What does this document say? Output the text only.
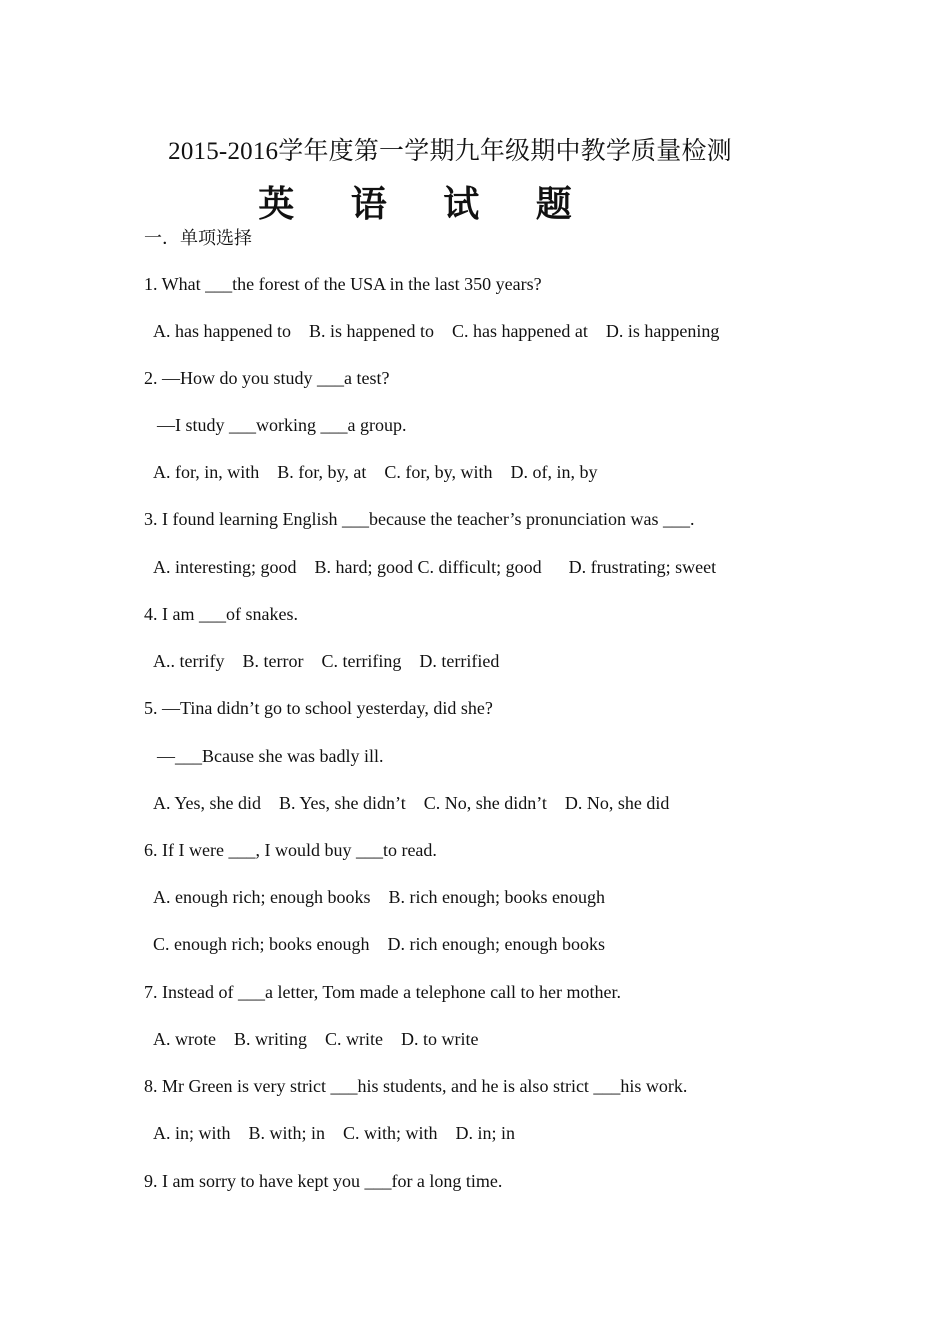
2015-2016学年度第一学期九年级期中教学质量检测
英 语 试 题
一．单项选择
1. What ___the forest of the USA in the last 350 years?
A. has happened to    B. is happened to    C. has happened at    D. is happening
2. —How do you study ___a test?
—I study ___working ___a group.
A. for, in, with    B. for, by, at    C. for, by, with    D. of, in, by
3. I found learning English ___because the teacher’s pronunciation was ___.
A. interesting; good    B. hard; good C. difficult; good      D. frustrating; sweet
4. I am ___of snakes.
A.. terrify    B. terror    C. terrifing    D. terrified
5. —Tina didn’t go to school yesterday, did she?
—___Bcause she was badly ill.
A. Yes, she did    B. Yes, she didn’t    C. No, she didn’t    D. No, she did
6. If I were ___, I would buy ___to read.
A. enough rich; enough books    B. rich enough; books enough
C. enough rich; books enough    D. rich enough; enough books
7. Instead of ___a letter, Tom made a telephone call to her mother.
A. wrote    B. writing    C. write    D. to write
8. Mr Green is very strict ___his students, and he is also strict ___his work.
A. in; with    B. with; in    C. with; with    D. in; in
9. I am sorry to have kept you ___for a long time.
